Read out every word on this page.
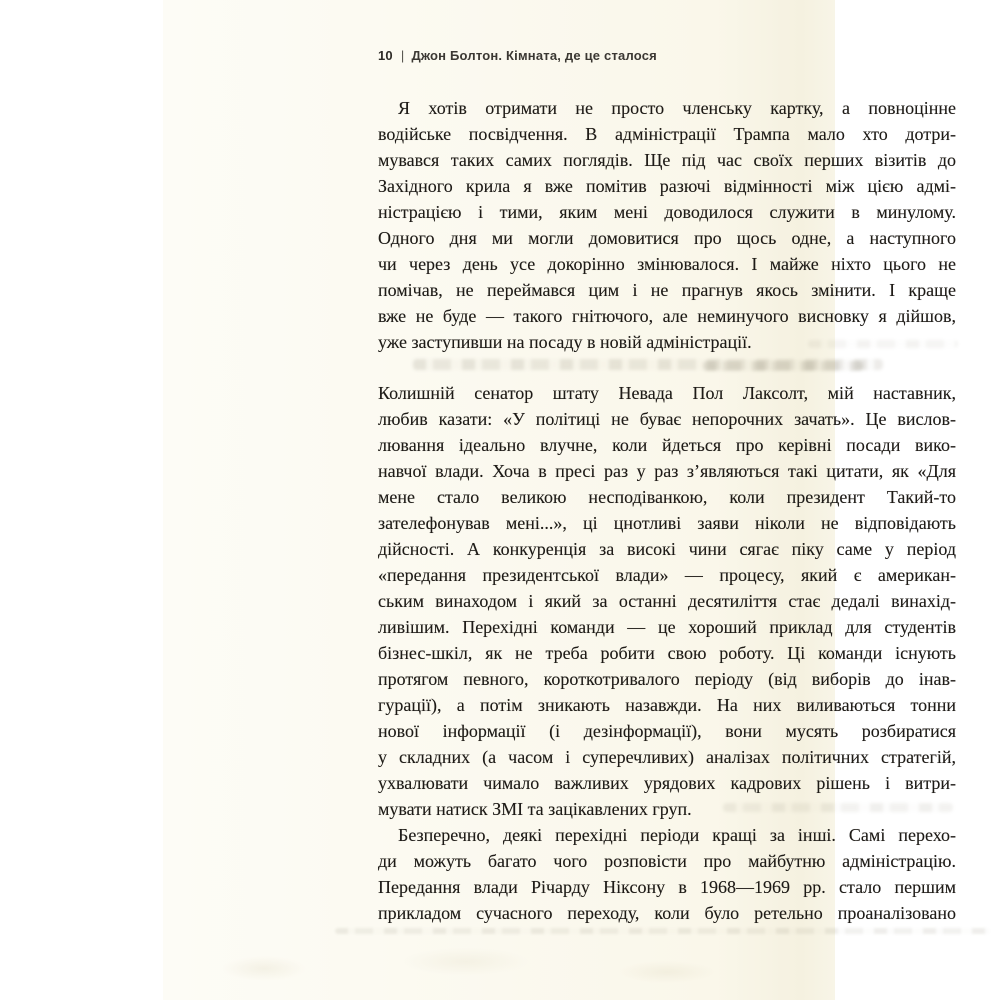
10 | Джон Болтон. Кімната, де це сталося
Я хотів отримати не просто членську картку, а повноцінне
водійське посвідчення. В адміністрації Трампа мало хто дотри-
мувався таких самих поглядів. Ще під час своїх перших візитів до
Західного крила я вже помітив разючі відмінності між цією адмі-
ністрацією і тими, яким мені доводилося служити в минулому.
Одного дня ми могли домовитися про щось одне, а наступного
чи через день усе докорінно змінювалося. І майже ніхто цього не
помічав, не переймався цим і не прагнув якось змінити. І краще
вже не буде — такого гнітючого, але неминучого висновку я дійшов,
уже заступивши на посаду в новій адміністрації.
Колишній сенатор штату Невада Пол Лаксолт, мій наставник,
любив казати: «У політиці не буває непорочних зачать». Це вислов-
лювання ідеально влучне, коли йдеться про керівні посади вико-
навчої влади. Хоча в пресі раз у раз з’являються такі цитати, як «Для
мене стало великою несподіванкою, коли президент Такий-то
зателефонував мені...», ці цнотливі заяви ніколи не відповідають
дійсності. А конкуренція за високі чини сягає піку саме у період
«передання президентської влади» — процесу, який є американ-
ським винаходом і який за останні десятиліття стає дедалі винахід-
ливішим. Перехідні команди — це хороший приклад для студентів
бізнес-шкіл, як не треба робити свою роботу. Ці команди існують
протягом певного, короткотривалого періоду (від виборів до інав-
гурації), а потім зникають назавжди. На них виливаються тонни
нової інформації (і дезінформації), вони мусять розбиратися
у складних (а часом і суперечливих) аналізах політичних стратегій,
ухвалювати чимало важливих урядових кадрових рішень і витри-
мувати натиск ЗМІ та зацікавлених груп.
Безперечно, деякі перехідні періоди кращі за інші. Самі перехо-
ди можуть багато чого розповісти про майбутню адміністрацію.
Передання влади Річарду Ніксону в 1968—1969 рр. стало першим
прикладом сучасного переходу, коли було ретельно проаналізовано
